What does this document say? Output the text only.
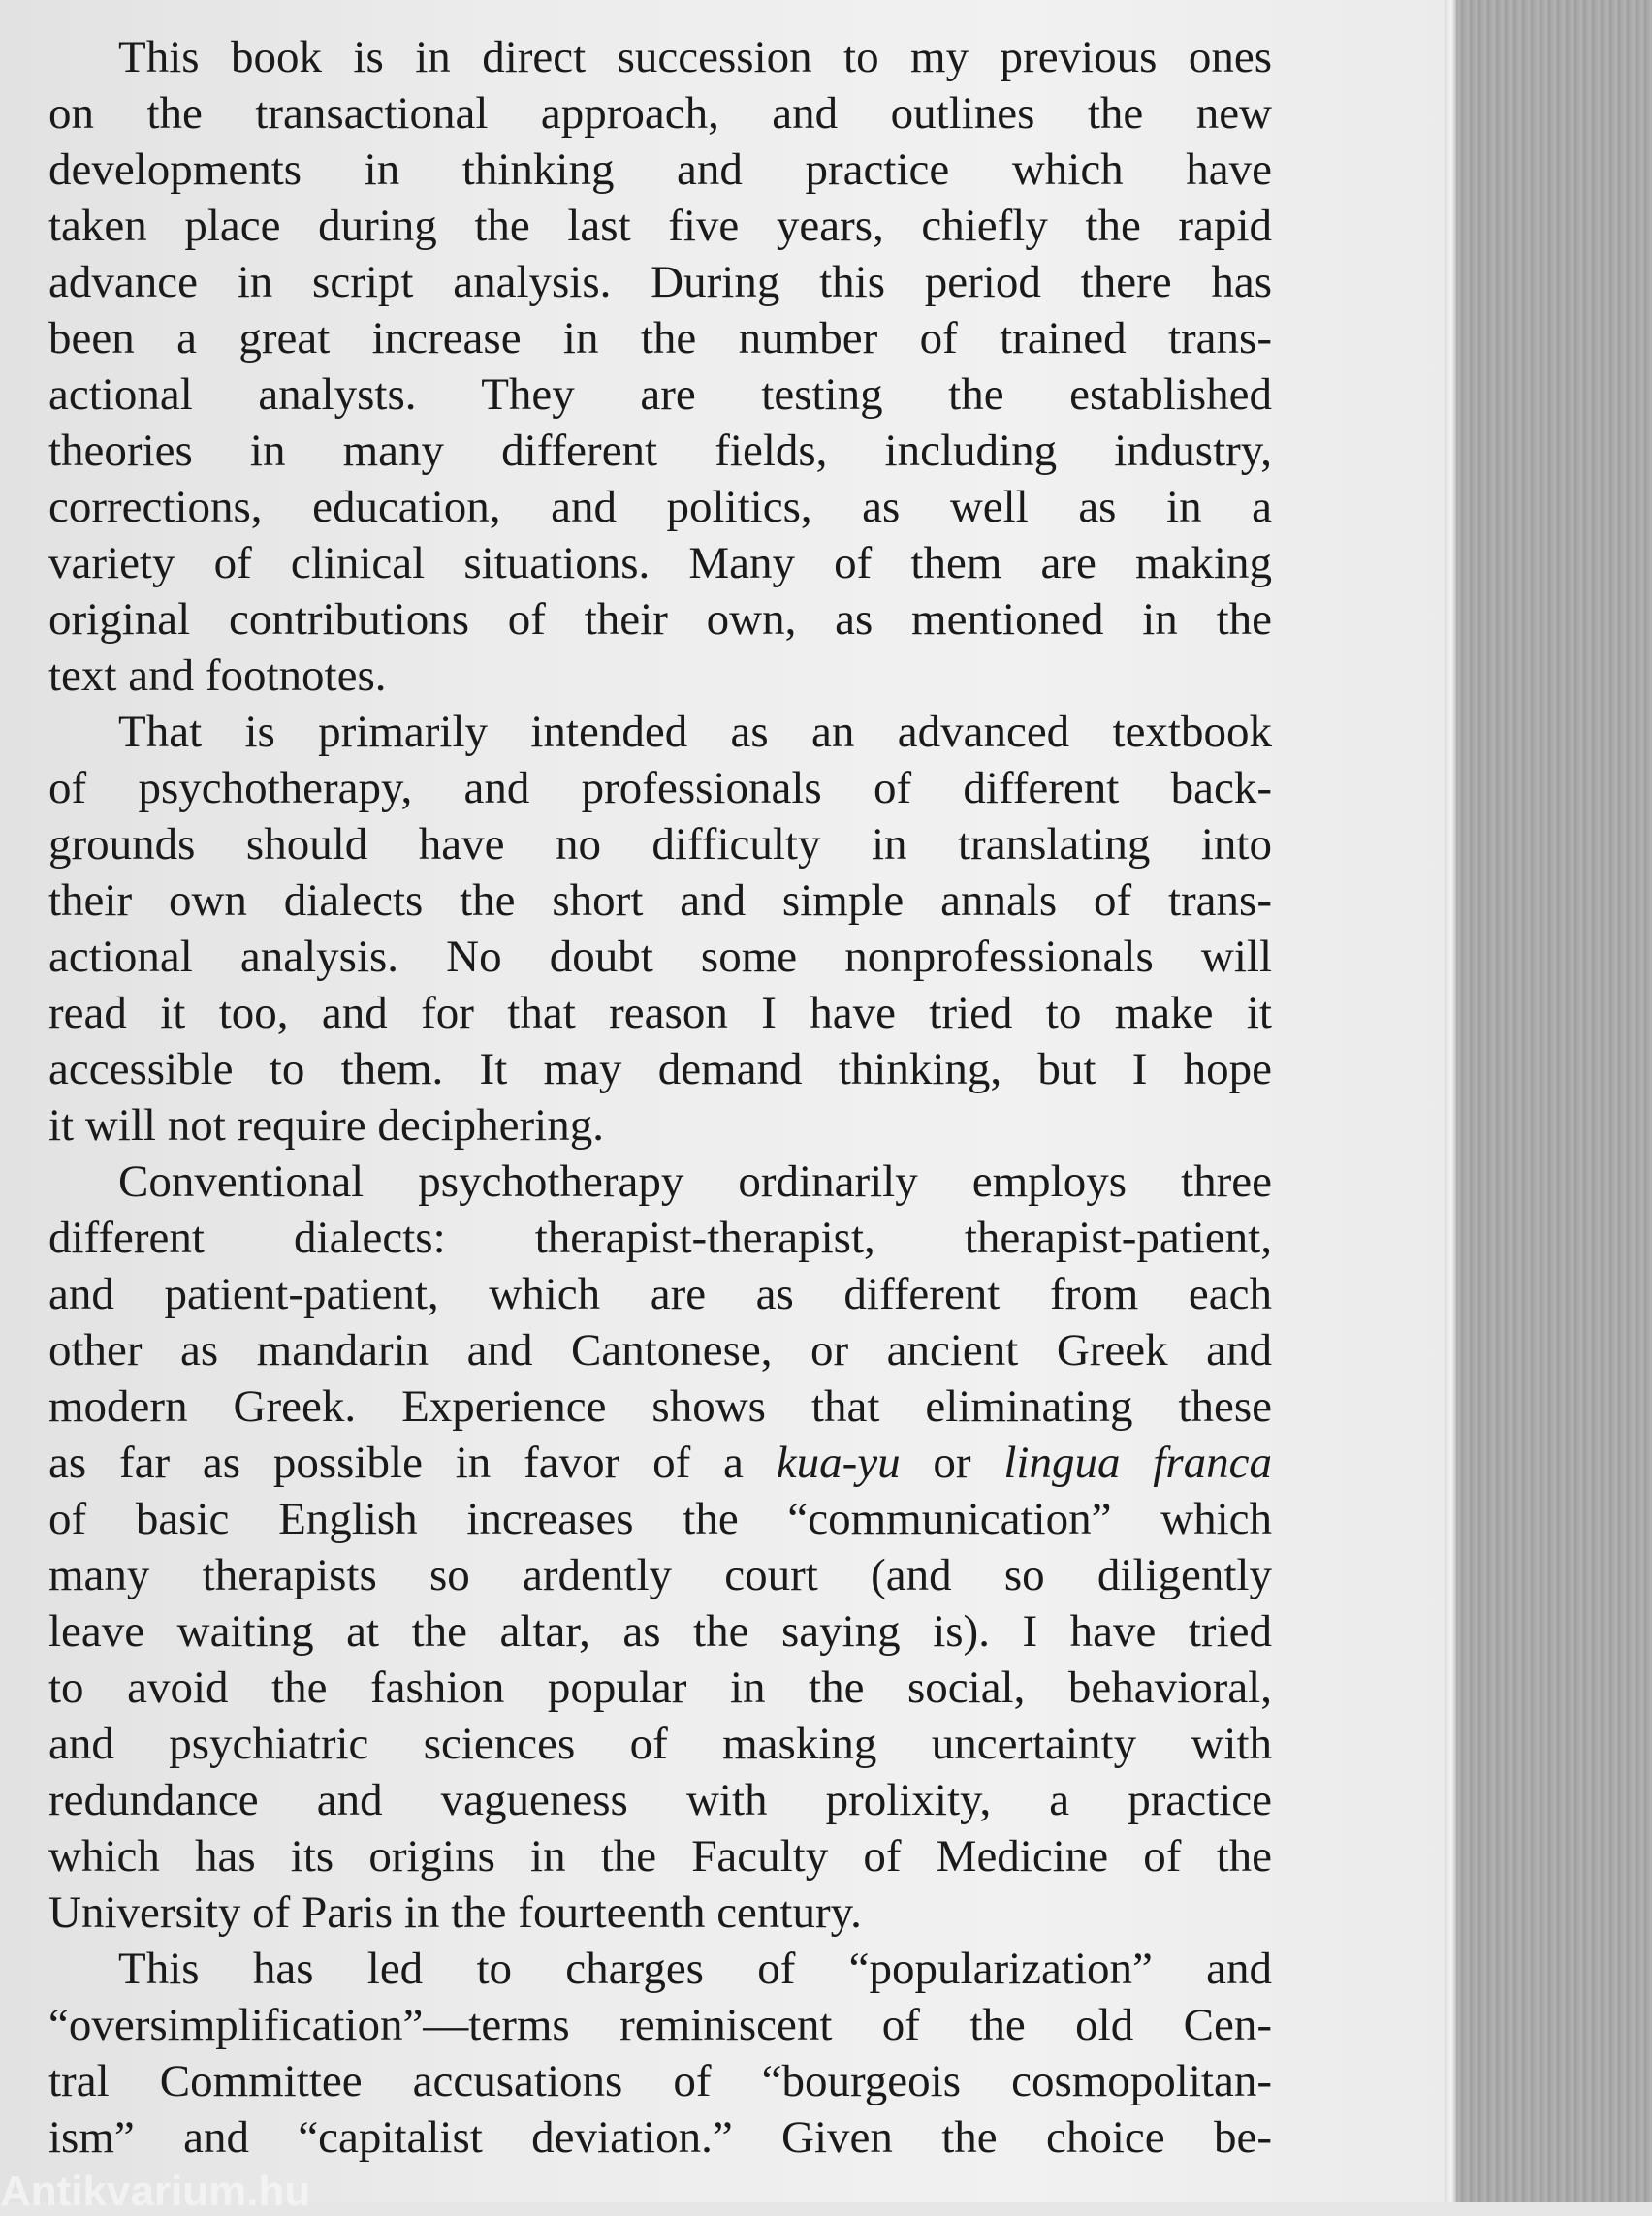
This book is in direct succession to my previous ones
on the transactional approach, and outlines the new
developments in thinking and practice which have
taken place during the last five years, chiefly the rapid
advance in script analysis. During this period there has
been a great increase in the number of trained trans-
actional analysts. They are testing the established
theories in many different fields, including industry,
corrections, education, and politics, as well as in a
variety of clinical situations. Many of them are making
original contributions of their own, as mentioned in the
text and footnotes.
That is primarily intended as an advanced textbook
of psychotherapy, and professionals of different back-
grounds should have no difficulty in translating into
their own dialects the short and simple annals of trans-
actional analysis. No doubt some nonprofessionals will
read it too, and for that reason I have tried to make it
accessible to them. It may demand thinking, but I hope
it will not require deciphering.
Conventional psychotherapy ordinarily employs three
different dialects: therapist-therapist, therapist-patient,
and patient-patient, which are as different from each
other as mandarin and Cantonese, or ancient Greek and
modern Greek. Experience shows that eliminating these
as far as possible in favor of a kua-yu or lingua franca
of basic English increases the “communication” which
many therapists so ardently court (and so diligently
leave waiting at the altar, as the saying is). I have tried
to avoid the fashion popular in the social, behavioral,
and psychiatric sciences of masking uncertainty with
redundance and vagueness with prolixity, a practice
which has its origins in the Faculty of Medicine of the
University of Paris in the fourteenth century.
This has led to charges of “popularization” and
“oversimplification”—terms reminiscent of the old Cen-
tral Committee accusations of “bourgeois cosmopolitan-
ism” and “capitalist deviation.” Given the choice be-
Antikvarium.hu
